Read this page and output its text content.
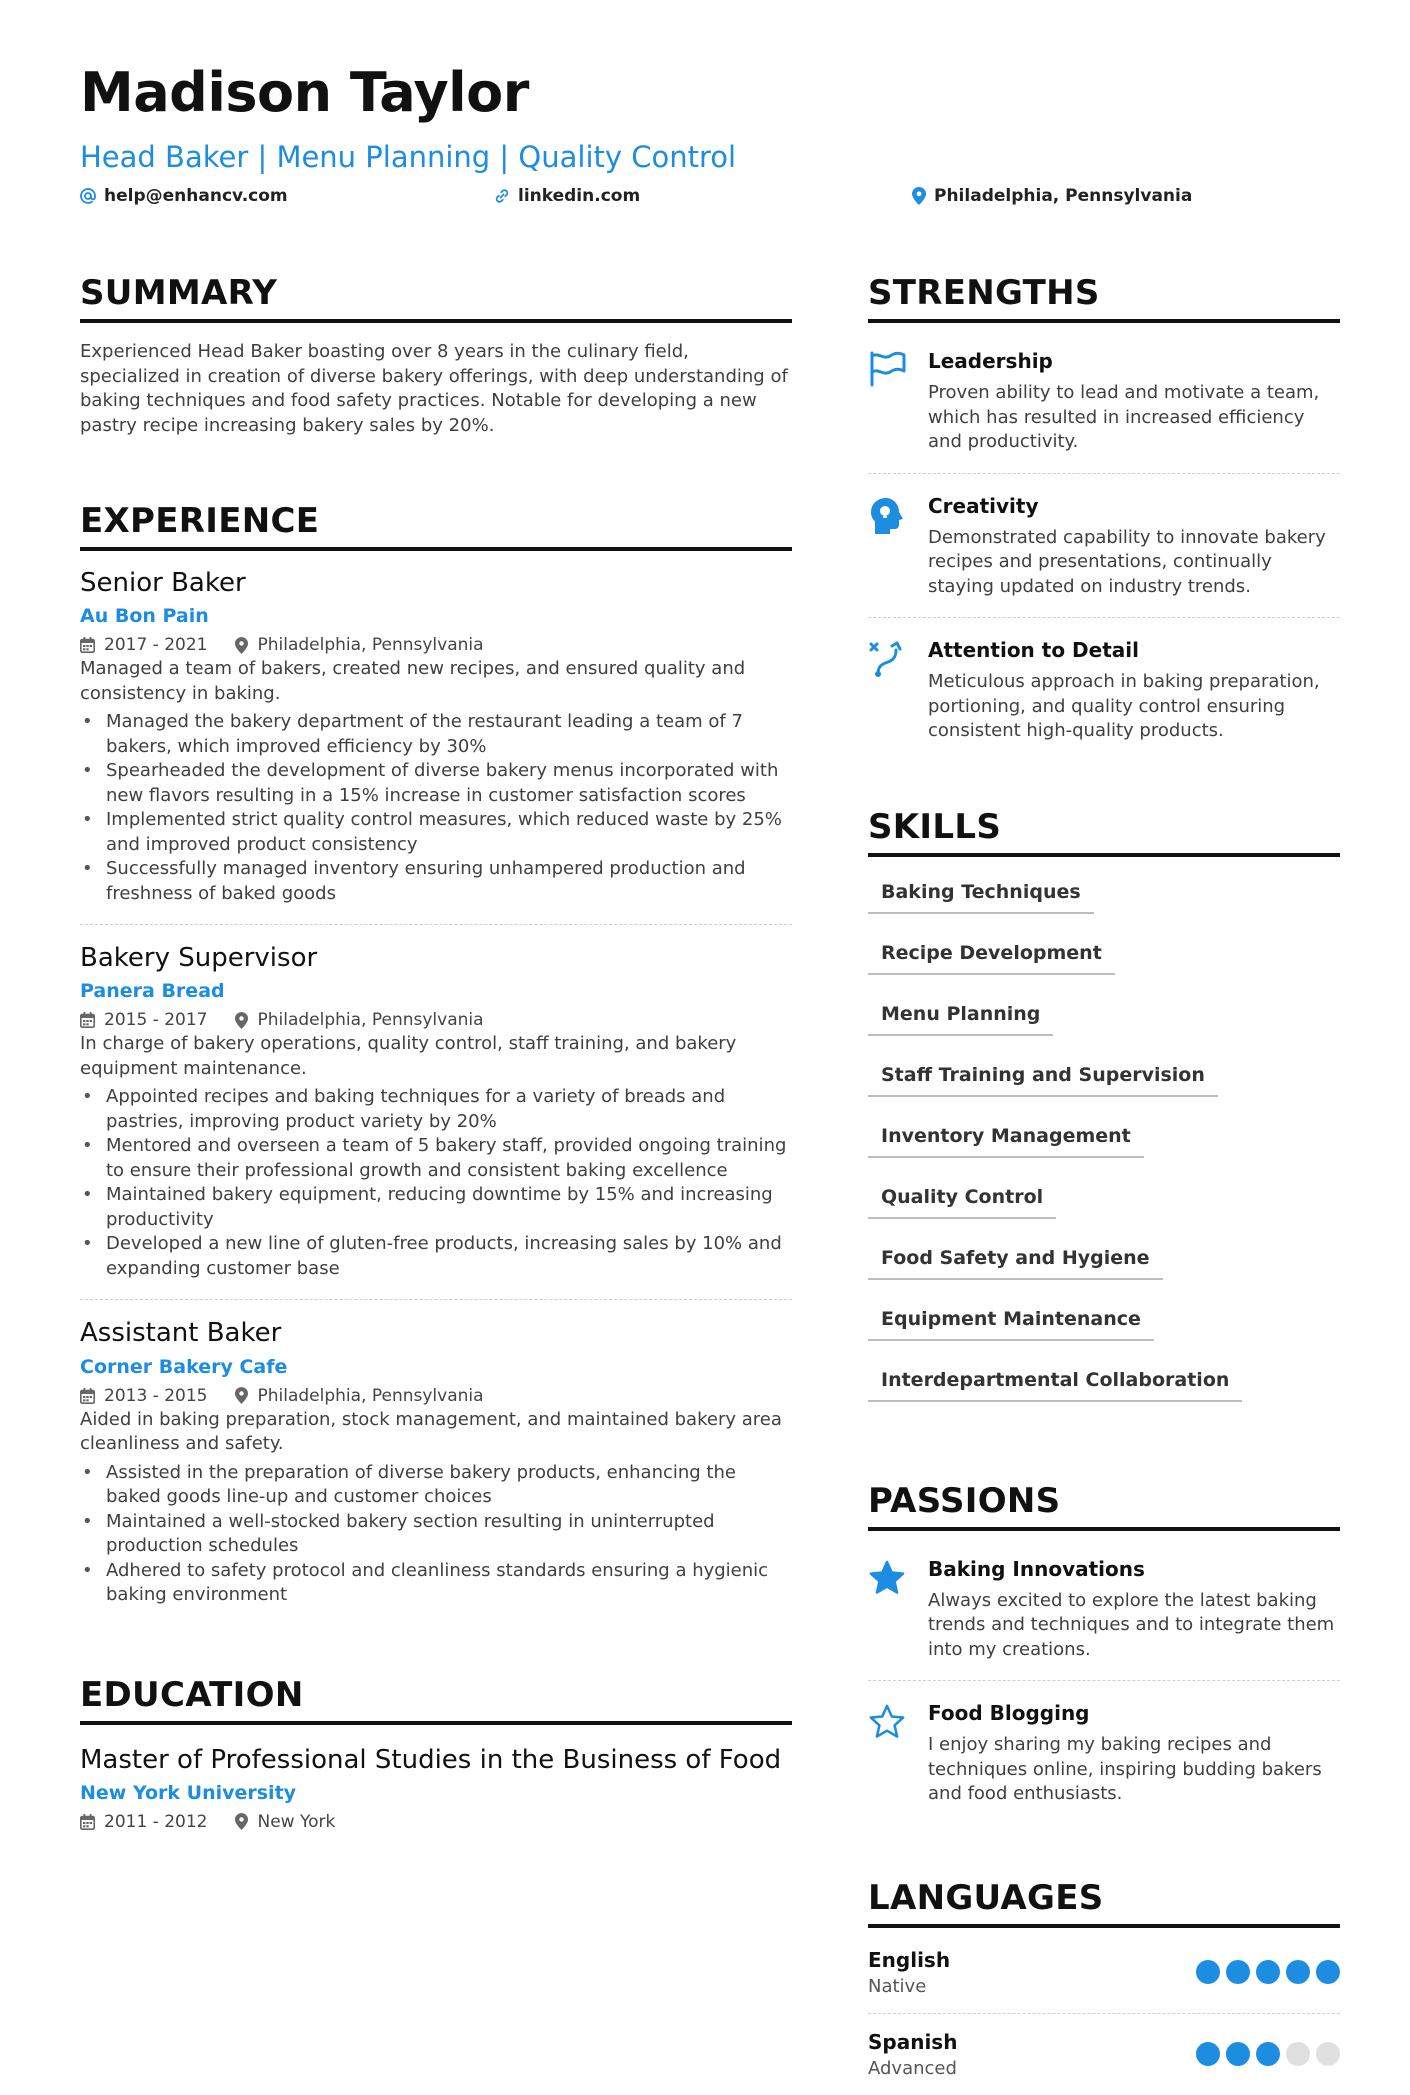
Madison Taylor
Head Baker | Menu Planning | Quality Control
help@enhancv.com	linkedin.com	Philadelphia, Pennsylvania
SUMMARY
Experienced Head Baker boasting over 8 years in the culinary field, specialized in creation of diverse bakery offerings, with deep understanding of baking techniques and food safety practices. Notable for developing a new pastry recipe increasing bakery sales by 20%.
EXPERIENCE
Senior Baker
Au Bon Pain
2017 - 2021	Philadelphia, Pennsylvania
Managed a team of bakers, created new recipes, and ensured quality and consistency in baking.
• Managed the bakery department of the restaurant leading a team of 7 bakers, which improved efficiency by 30%
• Spearheaded the development of diverse bakery menus incorporated with new flavors resulting in a 15% increase in customer satisfaction scores
• Implemented strict quality control measures, which reduced waste by 25% and improved product consistency
• Successfully managed inventory ensuring unhampered production and freshness of baked goods
Bakery Supervisor
Panera Bread
2015 - 2017	Philadelphia, Pennsylvania
In charge of bakery operations, quality control, staff training, and bakery equipment maintenance.
• Appointed recipes and baking techniques for a variety of breads and pastries, improving product variety by 20%
• Mentored and overseen a team of 5 bakery staff, provided ongoing training to ensure their professional growth and consistent baking excellence
• Maintained bakery equipment, reducing downtime by 15% and increasing productivity
• Developed a new line of gluten-free products, increasing sales by 10% and expanding customer base
Assistant Baker
Corner Bakery Cafe
2013 - 2015	Philadelphia, Pennsylvania
Aided in baking preparation, stock management, and maintained bakery area cleanliness and safety.
• Assisted in the preparation of diverse bakery products, enhancing the baked goods line-up and customer choices
• Maintained a well-stocked bakery section resulting in uninterrupted production schedules
• Adhered to safety protocol and cleanliness standards ensuring a hygienic baking environment
EDUCATION
Master of Professional Studies in the Business of Food
New York University
2011 - 2012	New York
STRENGTHS
Leadership
Proven ability to lead and motivate a team, which has resulted in increased efficiency and productivity.
Creativity
Demonstrated capability to innovate bakery recipes and presentations, continually staying updated on industry trends.
Attention to Detail
Meticulous approach in baking preparation, portioning, and quality control ensuring consistent high-quality products.
SKILLS
Baking Techniques
Recipe Development
Menu Planning
Staff Training and Supervision
Inventory Management
Quality Control
Food Safety and Hygiene
Equipment Maintenance
Interdepartmental Collaboration
PASSIONS
Baking Innovations
Always excited to explore the latest baking trends and techniques and to integrate them into my creations.
Food Blogging
I enjoy sharing my baking recipes and techniques online, inspiring budding bakers and food enthusiasts.
LANGUAGES
English
Native
Spanish
Advanced
